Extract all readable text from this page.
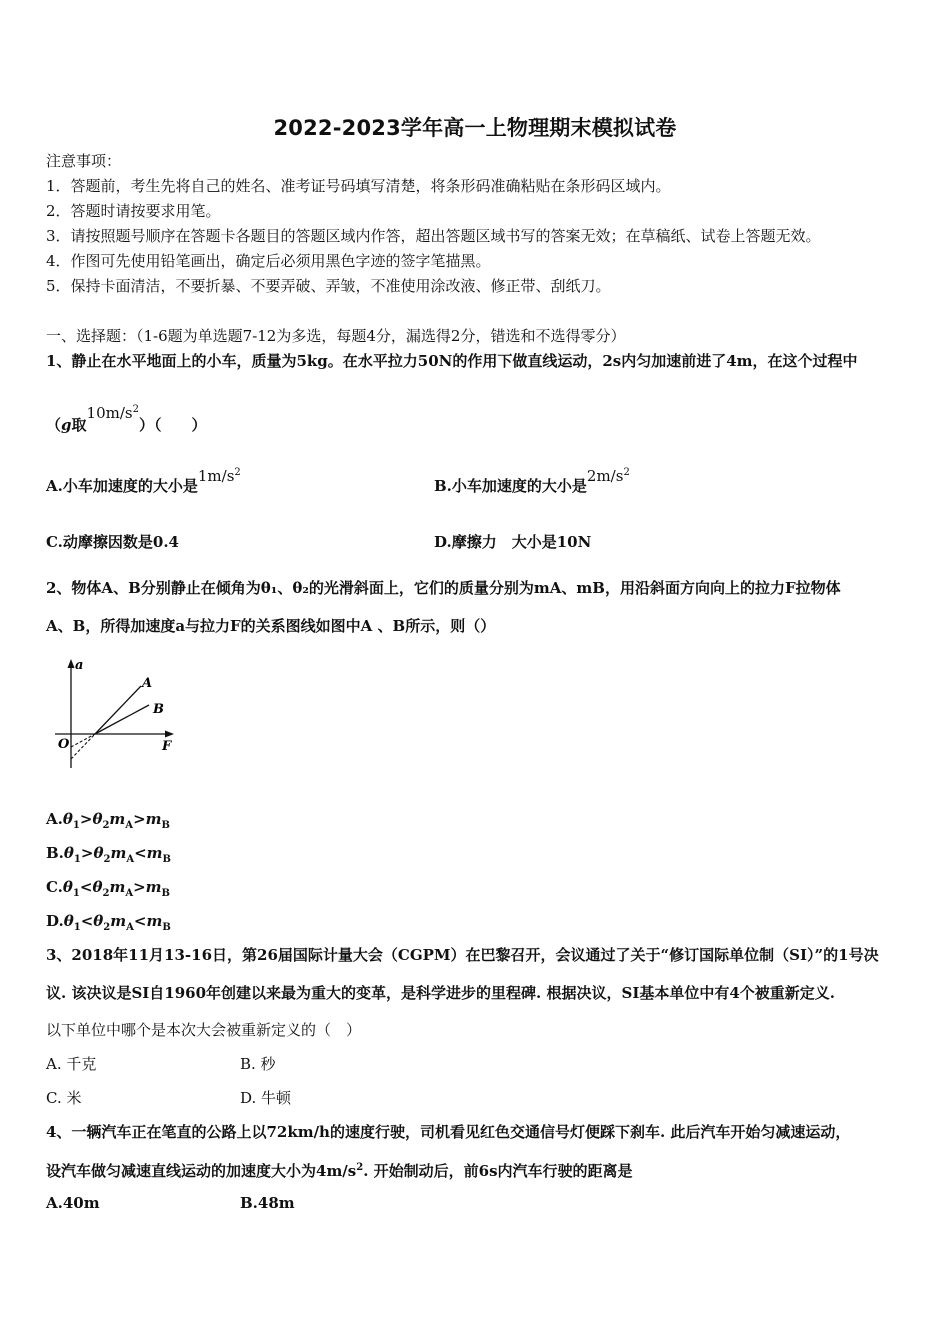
2022-2023学年高一上物理期末模拟试卷
注意事项：
1．答题前，考生先将自己的姓名、准考证号码填写清楚，将条形码准确粘贴在条形码区域内。
2．答题时请按要求用笔。
3．请按照题号顺序在答题卡各题目的答题区域内作答，超出答题区域书写的答案无效；在草稿纸、试卷上答题无效。
4．作图可先使用铅笔画出，确定后必须用黑色字迹的签字笔描黑。
5．保持卡面清洁，不要折暴、不要弄破、弄皱，不准使用涂改液、修正带、刮纸刀。
一、选择题：（1-6题为单选题7-12为多选，每题4分，漏选得2分，错选和不选得零分）
1、静止在水平地面上的小车，质量为5kg。在水平拉力50N的作用下做直线运动，2s内匀加速前进了4m，在这个过程中
（g取$10m/s^2$）（　　）
A.小车加速度的大小是$1m/s^2$
B.小车加速度的大小是$2m/s^2$
C.动摩擦因数是0.4	D.摩擦力　大小是10N
2、物体A、B分别静止在倾角为θ₁、θ₂的光滑斜面上，它们的质量分别为mA、mB，用沿斜面方向向上的拉力F拉物体
A、B，所得加速度a与拉力F的关系图线如图中A 、B所示，则（）
a
F
O
A
B
$A.\theta_1>\theta_2m_A>m_B$
$B.\theta_1>\theta_2m_A<m_B$
$C.\theta_1<\theta_2m_A>m_B$
$D.\theta_1<\theta_2m_A<m_B$
3、2018年11月13-16日，第26届国际计量大会（CGPM）在巴黎召开，会议通过了关于“修订国际单位制（SI）”的1号决
议. 该决议是SI自1960年创建以来最为重大的变革，是科学进步的里程碑. 根据决议，SI基本单位中有4个被重新定义.
以下单位中哪个是本次大会被重新定义的（　）
A. 千克	B. 秒
C. 米	D. 牛顿
4、一辆汽车正在笔直的公路上以72km/h的速度行驶，司机看见红色交通信号灯便踩下刹车. 此后汽车开始匀减速运动，
设汽车做匀减速直线运动的加速度大小为$4m/s^2$. 开始制动后，前6s内汽车行驶的距离是
A.40m	B.48m
